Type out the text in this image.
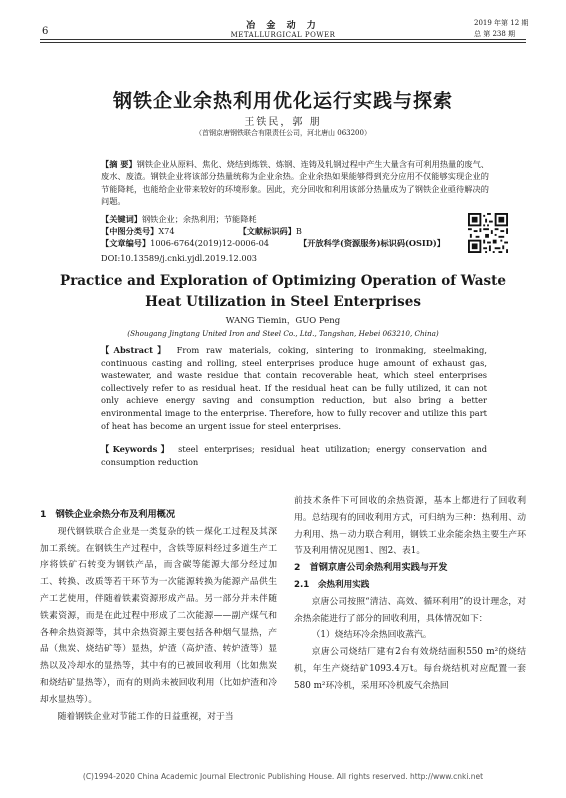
6	冶 金 动 力
METALLURGICAL POWER
2019 年第 12 期
总 第 238 期
钢铁企业余热利用优化运行实践与探索
王铁民，郭 朋
（首钢京唐钢铁联合有限责任公司，河北唐山 063200）
【摘 要】钢铁企业从原料、焦化、烧结到炼铁、炼钢、连铸及轧钢过程中产生大量含有可利用热量的废气、废水、废渣。钢铁企业将该部分热量统称为企业余热。企业余热如果能够得到充分应用不仅能够实现企业的节能降耗，也能给企业带来较好的环境形象。因此，充分回收和利用该部分热量成为了钢铁企业亟待解决的问题。
【关键词】钢铁企业；余热利用；节能降耗
【中图分类号】X74	【文献标识码】B
【文章编号】1006-6764(2019)12-0006-04	【开放科学(资源服务)标识码(OSID)】
DOI:10.13589/j.cnki.yjdl.2019.12.003
Practice and Exploration of Optimizing Operation of Waste Heat Utilization in Steel Enterprises
WANG Tiemin，GUO Peng
(Shougang Jingtang United Iron and Steel Co., Ltd., Tangshan, Hebei 063210, China)
【Abstract】 From raw materials, coking, sintering to ironmaking, steelmaking, continuous casting and rolling, steel enterprises produce huge amount of exhaust gas, wastewater, and waste residue that contain recoverable heat, which steel enterprises collectively refer to as residual heat. If the residual heat can be fully utilized, it can not only achieve energy saving and consumption reduction, but also bring a better environmental image to the enterprise. Therefore, how to fully recover and utilize this part of heat has become an urgent issue for steel enterprises.
【Keywords】 steel enterprises; residual heat utilization; energy conservation and consumption reduction

1　钢铁企业余热分布及利用概况

现代钢铁联合企业是一类复杂的铁－煤化工过程及其深加工系统。在钢铁生产过程中，含铁等原料经过多道生产工序将铁矿石转变为钢铁产品，而含碳等能源大部分经过加工、转换、改质等若干环节为一次能源转换为能源产品供生产工艺使用，伴随着铁素资源形成产品。另一部分并未伴随铁素资源，而是在此过程中形成了二次能源——副产煤气和各种余热资源等，其中余热资源主要包括各种烟气显热，产品（焦炭、烧结矿等）显热，炉渣（高炉渣、转炉渣等）显热以及冷却水的显热等，其中有的已被回收利用（比如焦炭和烧结矿显热等），而有的则尚未被回收利用（比如炉渣和冷却水显热等）。

随着钢铁企业对节能工作的日益重视，对于当

前技术条件下可回收的余热资源，基本上都进行了回收利用。总结现有的回收利用方式，可归纳为三种：热利用、动力利用、热－动力联合利用，钢铁工业余能余热主要生产环节及利用情况见图1、图2、表1。

2　首钢京唐公司余热利用实践与开发

2.1　余热利用实践

京唐公司按照“清洁、高效、循环利用”的设计理念，对余热余能进行了部分的回收利用，具体情况如下：

（1）烧结环冷余热回收蒸汽。

京唐公司烧结厂建有2台有效烧结面积550 m²的烧结机，年生产烧结矿1093.4万t。每台烧结机对应配置一套580 m²环冷机，采用环冷机废气余热回

(C)1994-2020 China Academic Journal Electronic Publishing House. All rights reserved. http://www.cnki.net
